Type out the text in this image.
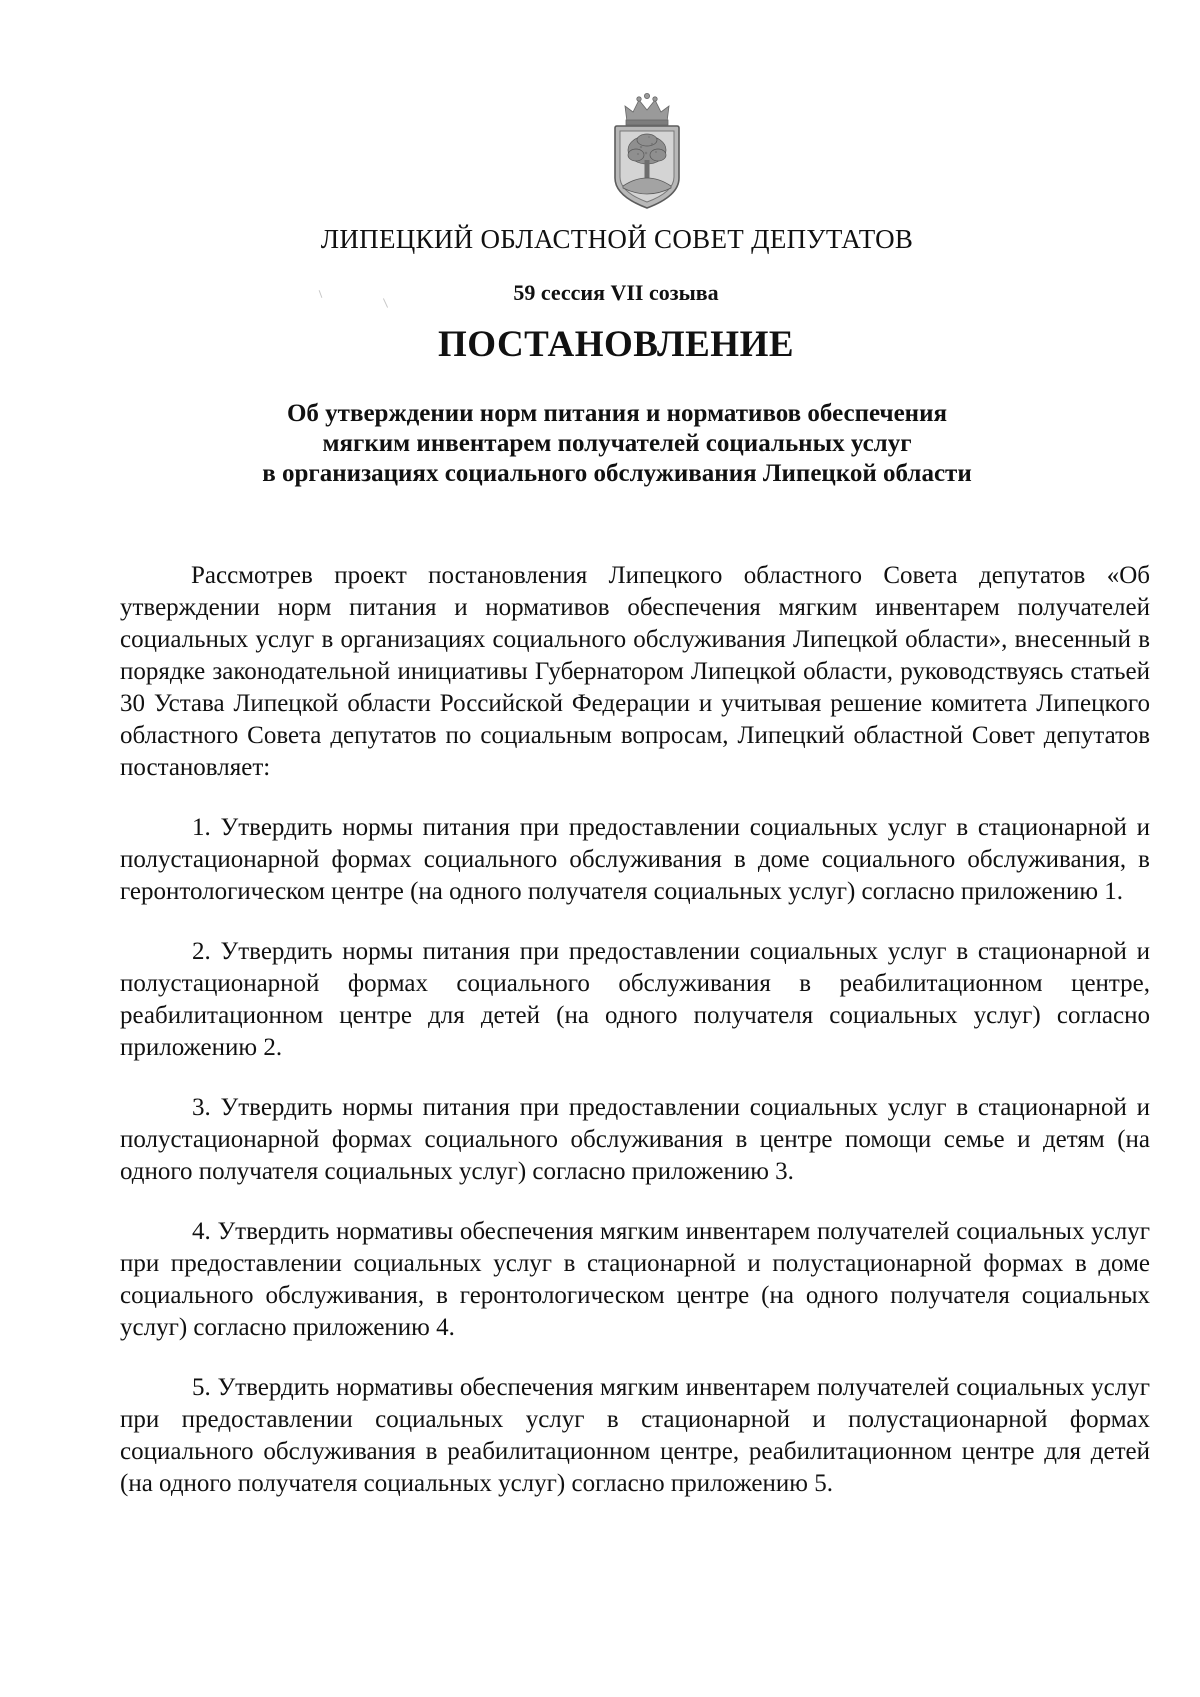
ЛИПЕЦКИЙ ОБЛАСТНОЙ СОВЕТ ДЕПУТАТОВ
59 сессия VII созыва
ПОСТАНОВЛЕНИЕ
Об утверждении норм питания и нормативов обеспечения
мягким инвентарем получателей социальных услуг
в организациях социального обслуживания Липецкой области

Рассмотрев проект постановления Липецкого областного Совета депутатов «Об утверждении норм питания и нормативов обеспечения мягким инвентарем получателей социальных услуг в организациях социального обслуживания Липецкой области», внесенный в порядке законодательной инициативы Губернатором Липецкой области, руководствуясь статьей 30 Устава Липецкой области Российской Федерации и учитывая решение комитета Липецкого областного Совета депутатов по социальным вопросам, Липецкий областной Совет депутатов постановляет:

1. Утвердить нормы питания при предоставлении социальных услуг в стационарной и полустационарной формах социального обслуживания в доме социального обслуживания, в геронтологическом центре (на одного получателя социальных услуг) согласно приложению 1.

2. Утвердить нормы питания при предоставлении социальных услуг в стационарной и полустационарной формах социального обслуживания в реабилитационном центре, реабилитационном центре для детей (на одного получателя социальных услуг) согласно приложению 2.

3. Утвердить нормы питания при предоставлении социальных услуг в стационарной и полустационарной формах социального обслуживания в центре помощи семье и детям (на одного получателя социальных услуг) согласно приложению 3.

4. Утвердить нормативы обеспечения мягким инвентарем получателей социальных услуг при предоставлении социальных услуг в стационарной и полустационарной формах в доме социального обслуживания, в геронтологическом центре (на одного получателя социальных услуг) согласно приложению 4.

5. Утвердить нормативы обеспечения мягким инвентарем получателей социальных услуг при предоставлении социальных услуг в стационарной и полустационарной формах социального обслуживания в реабилитационном центре, реабилитационном центре для детей (на одного получателя социальных услуг) согласно приложению 5.
